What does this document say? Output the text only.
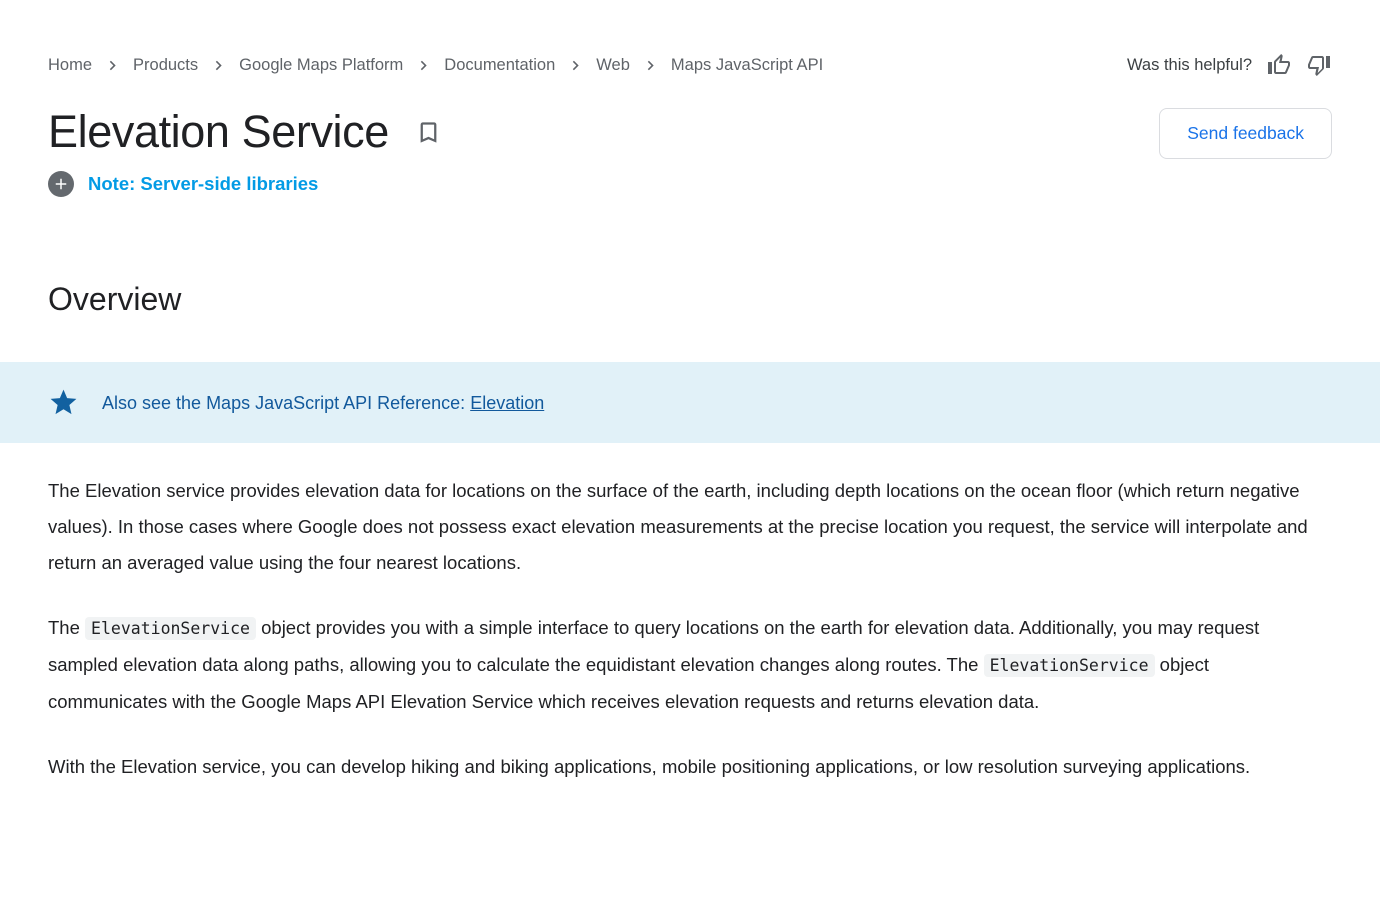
Home Products Google Maps Platform Documentation Web Maps JavaScript API	Was this helpful?
Elevation Service
Note: Server-side libraries
Send feedback
Overview
Also see the Maps JavaScript API Reference: Elevation

The Elevation service provides elevation data for locations on the surface of the earth, including depth locations on the ocean floor (which return negative values). In those cases where Google does not possess exact elevation measurements at the precise location you request, the service will interpolate and return an averaged value using the four nearest locations.

The ElevationService object provides you with a simple interface to query locations on the earth for elevation data. Additionally, you may request sampled elevation data along paths, allowing you to calculate the equidistant elevation changes along routes. The ElevationService object communicates with the Google Maps API Elevation Service which receives elevation requests and returns elevation data.

With the Elevation service, you can develop hiking and biking applications, mobile positioning applications, or low resolution surveying applications.
